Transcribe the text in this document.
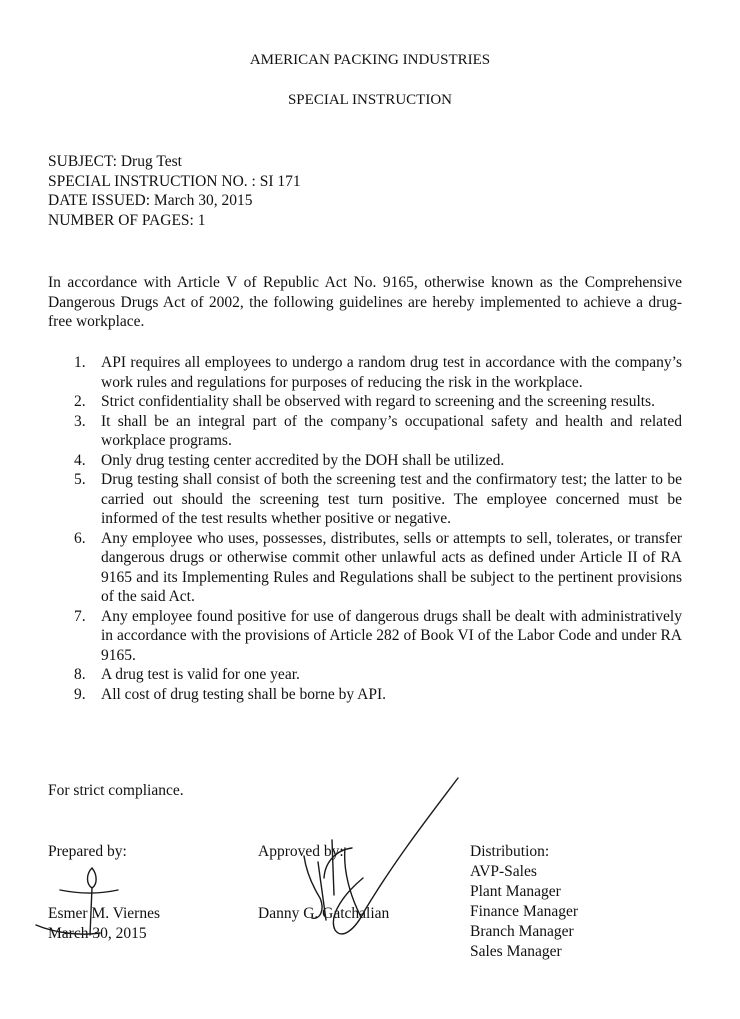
AMERICAN PACKING INDUSTRIES
SPECIAL INSTRUCTION
SUBJECT: Drug Test
SPECIAL INSTRUCTION NO. : SI 171
DATE ISSUED: March 30, 2015
NUMBER OF PAGES: 1
In accordance with Article V of Republic Act No. 9165, otherwise known as the Comprehensive Dangerous Drugs Act of 2002, the following guidelines are hereby implemented to achieve a drug-free workplace.
1. API requires all employees to undergo a random drug test in accordance with the company’s work rules and regulations for purposes of reducing the risk in the workplace.
2. Strict confidentiality shall be observed with regard to screening and the screening results.
3. It shall be an integral part of the company’s occupational safety and health and related workplace programs.
4. Only drug testing center accredited by the DOH shall be utilized.
5. Drug testing shall consist of both the screening test and the confirmatory test; the latter to be carried out should the screening test turn positive. The employee concerned must be informed of the test results whether positive or negative.
6. Any employee who uses, possesses, distributes, sells or attempts to sell, tolerates, or transfer dangerous drugs or otherwise commit other unlawful acts as defined under Article II of RA 9165 and its Implementing Rules and Regulations shall be subject to the pertinent provisions of the said Act.
7. Any employee found positive for use of dangerous drugs shall be dealt with administratively in accordance with the provisions of Article 282 of Book VI of the Labor Code and under RA 9165.
8. A drug test is valid for one year.
9. All cost of drug testing shall be borne by API.
For strict compliance.
Prepared by:
Esmer M. Viernes
March 30, 2015
Approved by:
Danny G. Gatchalian
Distribution:
AVP-Sales
Plant Manager
Finance Manager
Branch Manager
Sales Manager
